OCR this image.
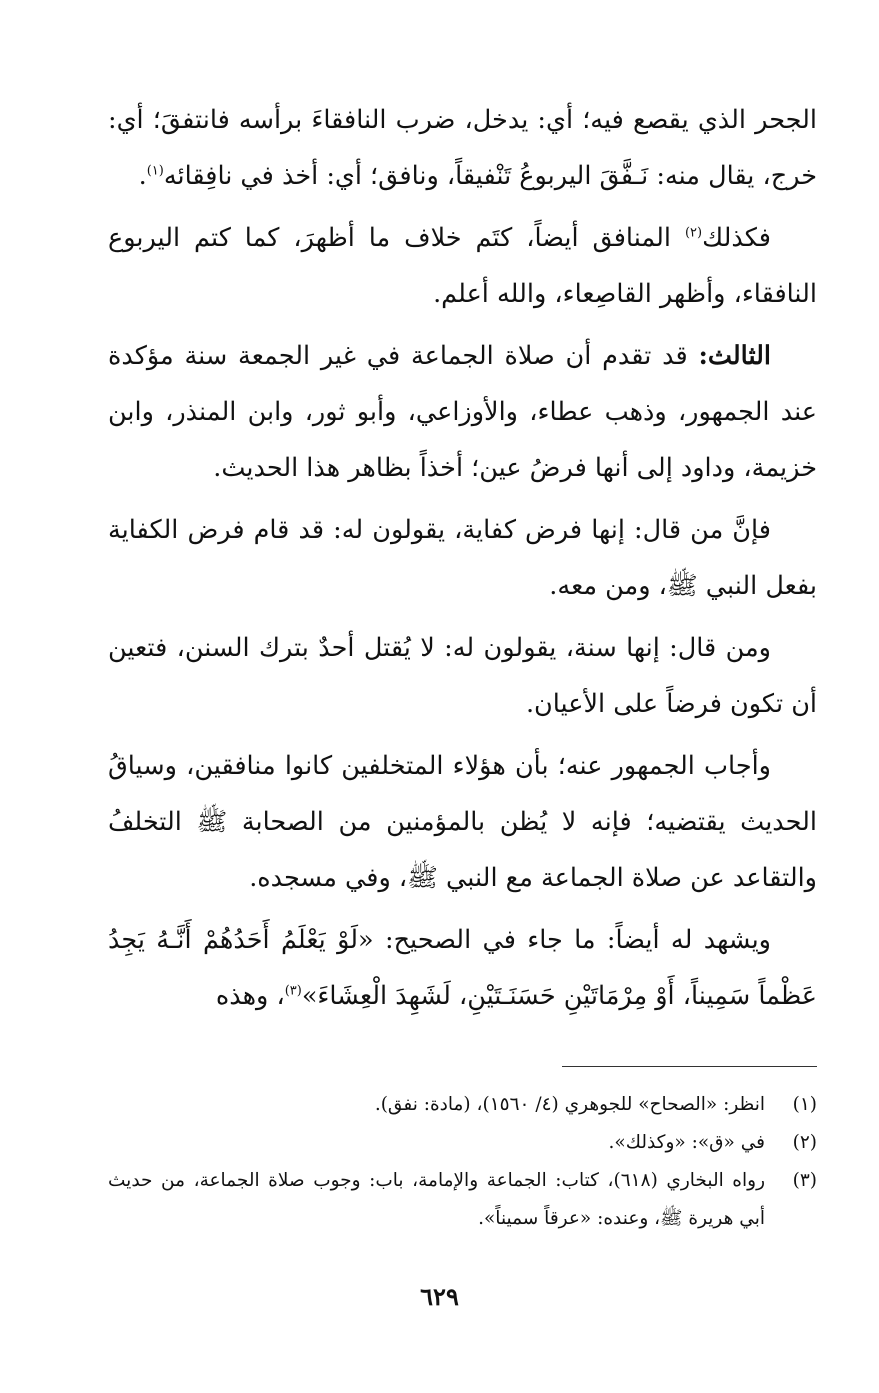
الجحر الذي يقصع فيه؛ أي: يدخل، ضرب النافقاءَ برأسه فانتفقَ؛ أي: خرج، يقال منه: نَـفَّقَ اليربوعُ تَنْفيقاً، ونافق؛ أي: أخذ في نافِقائه$^{(١)}$.

فكذلك$^{(٢)}$ المنافق أيضاً، كتَم خلاف ما أظهرَ، كما كتم اليربوع النافقاء، وأظهر القاصِعاء، والله أعلم.

الثالث: قد تقدم أن صلاة الجماعة في غير الجمعة سنة مؤكدة عند الجمهور، وذهب عطاء، والأوزاعي، وأبو ثور، وابن المنذر، وابن خزيمة، وداود إلى أنها فرضُ عين؛ أخذاً بظاهر هذا الحديث.

فإنَّ من قال: إنها فرض كفاية، يقولون له: قد قام فرض الكفاية بفعل النبي ﷺ، ومن معه.

ومن قال: إنها سنة، يقولون له: لا يُقتل أحدٌ بترك السنن، فتعين أن تكون فرضاً على الأعيان.

وأجاب الجمهور عنه؛ بأن هؤلاء المتخلفين كانوا منافقين، وسياقُ الحديث يقتضيه؛ فإنه لا يُظن بالمؤمنين من الصحابة ﷺ التخلفُ والتقاعد عن صلاة الجماعة مع النبي ﷺ، وفي مسجده.

ويشهد له أيضاً: ما جاء في الصحيح: «لَوْ يَعْلَمُ أَحَدُهُمْ أَنَّـهُ يَجِدُ عَظْماً سَمِيناً، أَوْ مِرْمَاتَيْنِ حَسَنَـتَيْنِ، لَشَهِدَ الْعِشَاءَ»$^{(٣)}$، وهذه

(١)
انظر: «الصحاح» للجوهري (٤/ ١٥٦٠)، (مادة: نفق).
(٢)
في «ق»: «وكذلك».
(٣)
رواه البخاري (٦١٨)، كتاب: الجماعة والإمامة، باب: وجوب صلاة الجماعة، من حديث أبي هريرة ﷺ، وعنده: «عرقاً سميناً».
٦٢٩
